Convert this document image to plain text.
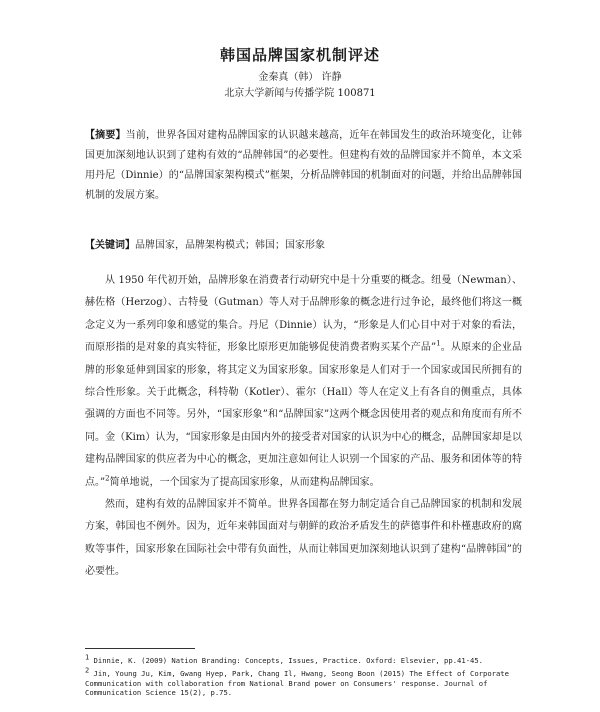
韩国品牌国家机制评述
金秦真（韩） 许静
北京大学新闻与传播学院 100871
【摘要】当前，世界各国对建构品牌国家的认识越来越高，近年在韩国发生的政治环境变化，让韩国更加深刻地认识到了建构有效的“品牌韩国”的必要性。但建构有效的品牌国家并不简单，本文采用丹尼（Dinnie）的“品牌国家架构模式”框架，分析品牌韩国的机制面对的问题，并给出品牌韩国机制的发展方案。
【关键词】品牌国家，品牌架构模式；韩国；国家形象

从 1950 年代初开始，品牌形象在消费者行动研究中是十分重要的概念。纽曼（Newman）、赫佐格（Herzog）、古特曼（Gutman）等人对于品牌形象的概念进行过争论，最终他们将这一概念定义为一系列印象和感觉的集合。丹尼（Dinnie）认为，“形象是人们心目中对于对象的看法，而原形指的是对象的真实特征，形象比原形更加能够促使消费者购买某个产品”$^1$。从原来的企业品牌的形象延伸到国家的形象，将其定义为国家形象。国家形象是人们对于一个国家或国民所拥有的综合性形象。关于此概念，科特勒（Kotler）、霍尔（Hall）等人在定义上有各自的侧重点，具体强调的方面也不同等。另外，“国家形象”和“品牌国家”这两个概念因使用者的观点和角度而有所不同。金（Kim）认为，“国家形象是由国内外的接受者对国家的认识为中心的概念，品牌国家却是以建构品牌国家的供应者为中心的概念，更加注意如何让人识别一个国家的产品、服务和团体等的特点。”$^2$简单地说，一个国家为了提高国家形象，从而建构品牌国家。

然而，建构有效的品牌国家并不简单。世界各国都在努力制定适合自己品牌国家的机制和发展方案，韩国也不例外。因为，近年来韩国面对与朝鲜的政治矛盾发生的萨德事件和朴槿惠政府的腐败等事件，国家形象在国际社会中带有负面性，从而让韩国更加深刻地认识到了建构“品牌韩国”的必要性。

$^1$ Dinnie, K. (2009) Nation Branding: Concepts, Issues, Practice. Oxford: Elsevier, pp.41-45.
$^2$ Jin, Young Ju, Kim, Gwang Hyep, Park, Chang Il, Hwang, Seong Boon (2015) The Effect of Corporate Communication with collaboration from National Brand power on Consumers' response. Journal of Communication Science 15(2), p.75.
